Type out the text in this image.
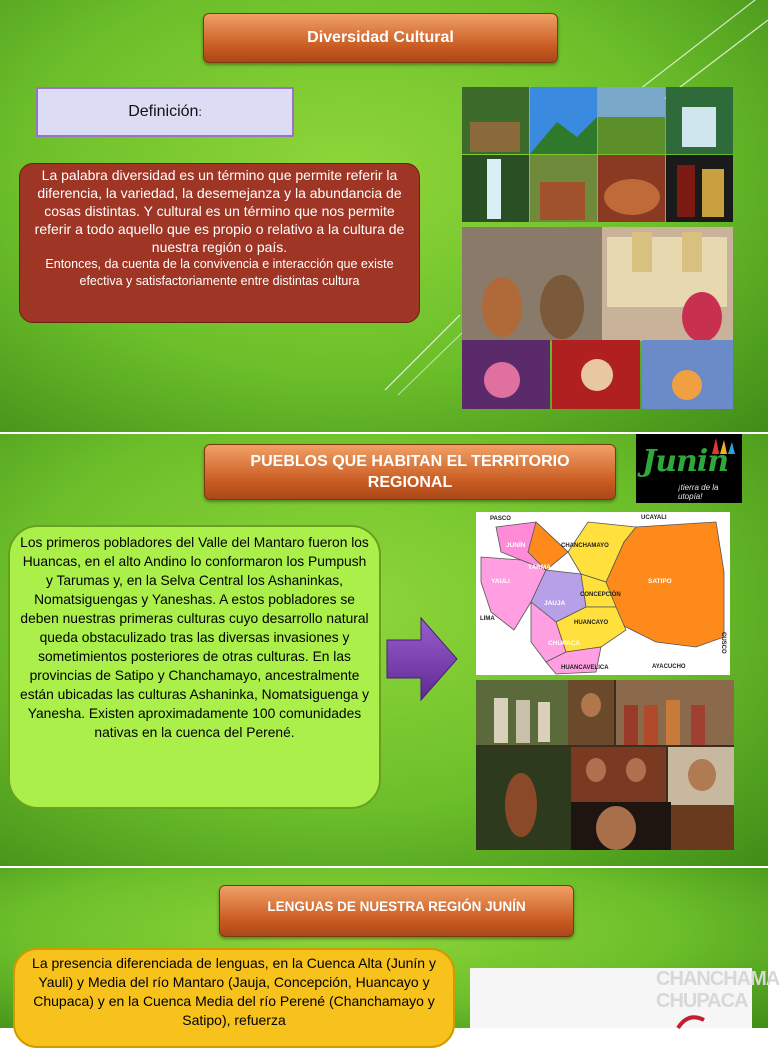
Diversidad Cultural
Definición :

La palabra diversidad es un término que permite referir la diferencia, la variedad, la desemejanza y la abundancia de cosas distintas. Y cultural es un término que nos permite referir a todo aquello que es propio o relativo a la cultura de nuestra región o país.

Entonces, da cuenta de la convivencia e interacción que existe efectiva y satisfactoriamente entre distintas cultura

PUEBLOS QUE HABITAN EL TERRITORIO
REGIONAL
Junin
¡tierra de la utopía!
Los primeros pobladores del Valle del Mantaro fueron los Huancas, en el alto Andino lo conformaron los Pumpush y Tarumas y, en la Selva Central los Ashaninkas, Nomatsiguengas y Yaneshas. A estos pobladores se deben nuestras primeras culturas cuyo desarrollo natural queda obstaculizado tras las diversas invasiones y sometimientos posteriores de otras culturas. En las provincias de Satipo y Chanchamayo, ancestralmente están ubicadas las culturas Ashaninka, Nomatsiguenga y Yanesha. Existen aproximadamente 100 comunidades nativas en la cuenca del Perené.
PASCO	UCAYALI
JUNÍN	CHANCHAMAYO
TARMA
SATIPO
YAULI
CONCEPCIÓN
JAUJA
HUANCAYO
LIMA
CHUPACA
HUANCAVELICA	AYACUCHO
CUSCO
LENGUAS DE NUESTRA REGIÓN JUNÍN
La presencia diferenciada de lenguas, en la Cuenca Alta (Junín y Yauli) y Media del río Mantaro (Jauja, Concepción, Huancayo y Chupaca) y en la Cuenca Media del río Perené (Chanchamayo y Satipo), refuerza
CHANCHAMA
CHUPACA
